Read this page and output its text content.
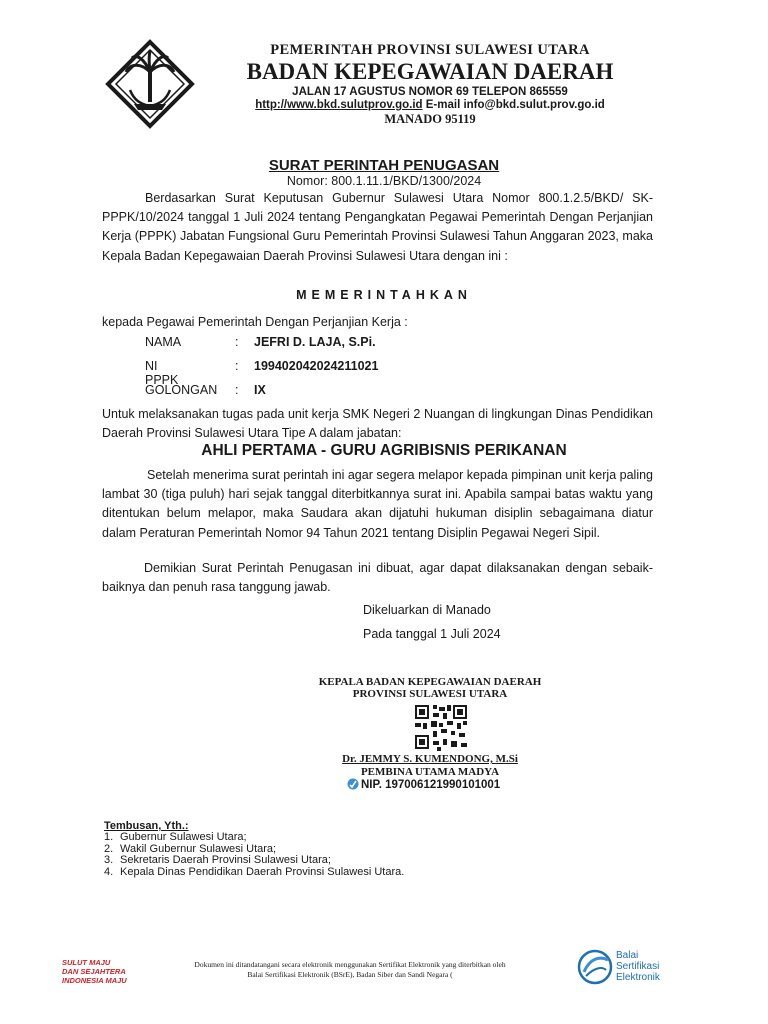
PEMERINTAH PROVINSI SULAWESI UTARA
BADAN KEPEGAWAIAN DAERAH
JALAN 17 AGUSTUS NOMOR 69 TELEPON 865559
http://www.bkd.sulutprov.go.id E-mail info@bkd.sulut.prov.go.id
MANADO 95119
SURAT PERINTAH PENUGASAN
Nomor: 800.1.11.1/BKD/1300/2024
Berdasarkan Surat Keputusan Gubernur Sulawesi Utara Nomor 800.1.2.5/BKD/ SK-PPPK/10/2024 tanggal 1 Juli 2024 tentang Pengangkatan Pegawai Pemerintah Dengan Perjanjian Kerja (PPPK) Jabatan Fungsional Guru Pemerintah Provinsi Sulawesi Tahun Anggaran 2023, maka Kepala Badan Kepegawaian Daerah Provinsi Sulawesi Utara dengan ini :
MEMERINTAHKAN
kepada Pegawai Pemerintah Dengan Perjanjian Kerja :
NAMA	: JEFRI D. LAJA, S.Pi.
NI PPPK
: 199402042024211021
GOLONGAN : IX
Untuk melaksanakan tugas pada unit kerja SMK Negeri 2 Nuangan di lingkungan Dinas Pendidikan Daerah Provinsi Sulawesi Utara Tipe A dalam jabatan:
AHLI PERTAMA - GURU AGRIBISNIS PERIKANAN
Setelah menerima surat perintah ini agar segera melapor kepada pimpinan unit kerja paling lambat 30 (tiga puluh) hari sejak tanggal diterbitkannya surat ini. Apabila sampai batas waktu yang ditentukan belum melapor, maka Saudara akan dijatuhi hukuman disiplin sebagaimana diatur dalam Peraturan Pemerintah Nomor 94 Tahun 2021 tentang Disiplin Pegawai Negeri Sipil.
Demikian Surat Perintah Penugasan ini dibuat, agar dapat dilaksanakan dengan sebaik-baiknya dan penuh rasa tanggung jawab.
Dikeluarkan di Manado
Pada tanggal 1 Juli 2024
KEPALA BADAN KEPEGAWAIAN DAERAH
PROVINSI SULAWESI UTARA
Dr. JEMMY S. KUMENDONG, M.Si
PEMBINA UTAMA MADYA
NIP. 197006121990101001
Tembusan, Yth.:
1. Gubernur Sulawesi Utara;
2. Wakil Gubernur Sulawesi Utara;
3. Sekretaris Daerah Provinsi Sulawesi Utara;
4. Kepala Dinas Pendidikan Daerah Provinsi Sulawesi Utara.
SULUT MAJU
DAN SEJAHTERA
INDONESIA MAJU
Dokumen ini ditandatangani secara elektronik menggunakan Sertifikat Elektronik yang diterbitkan oleh
Balai Sertifikasi Elektronik (BSrE), Badan Siber dan Sandi Negara (
Balai
Sertifikasi
Elektronik
